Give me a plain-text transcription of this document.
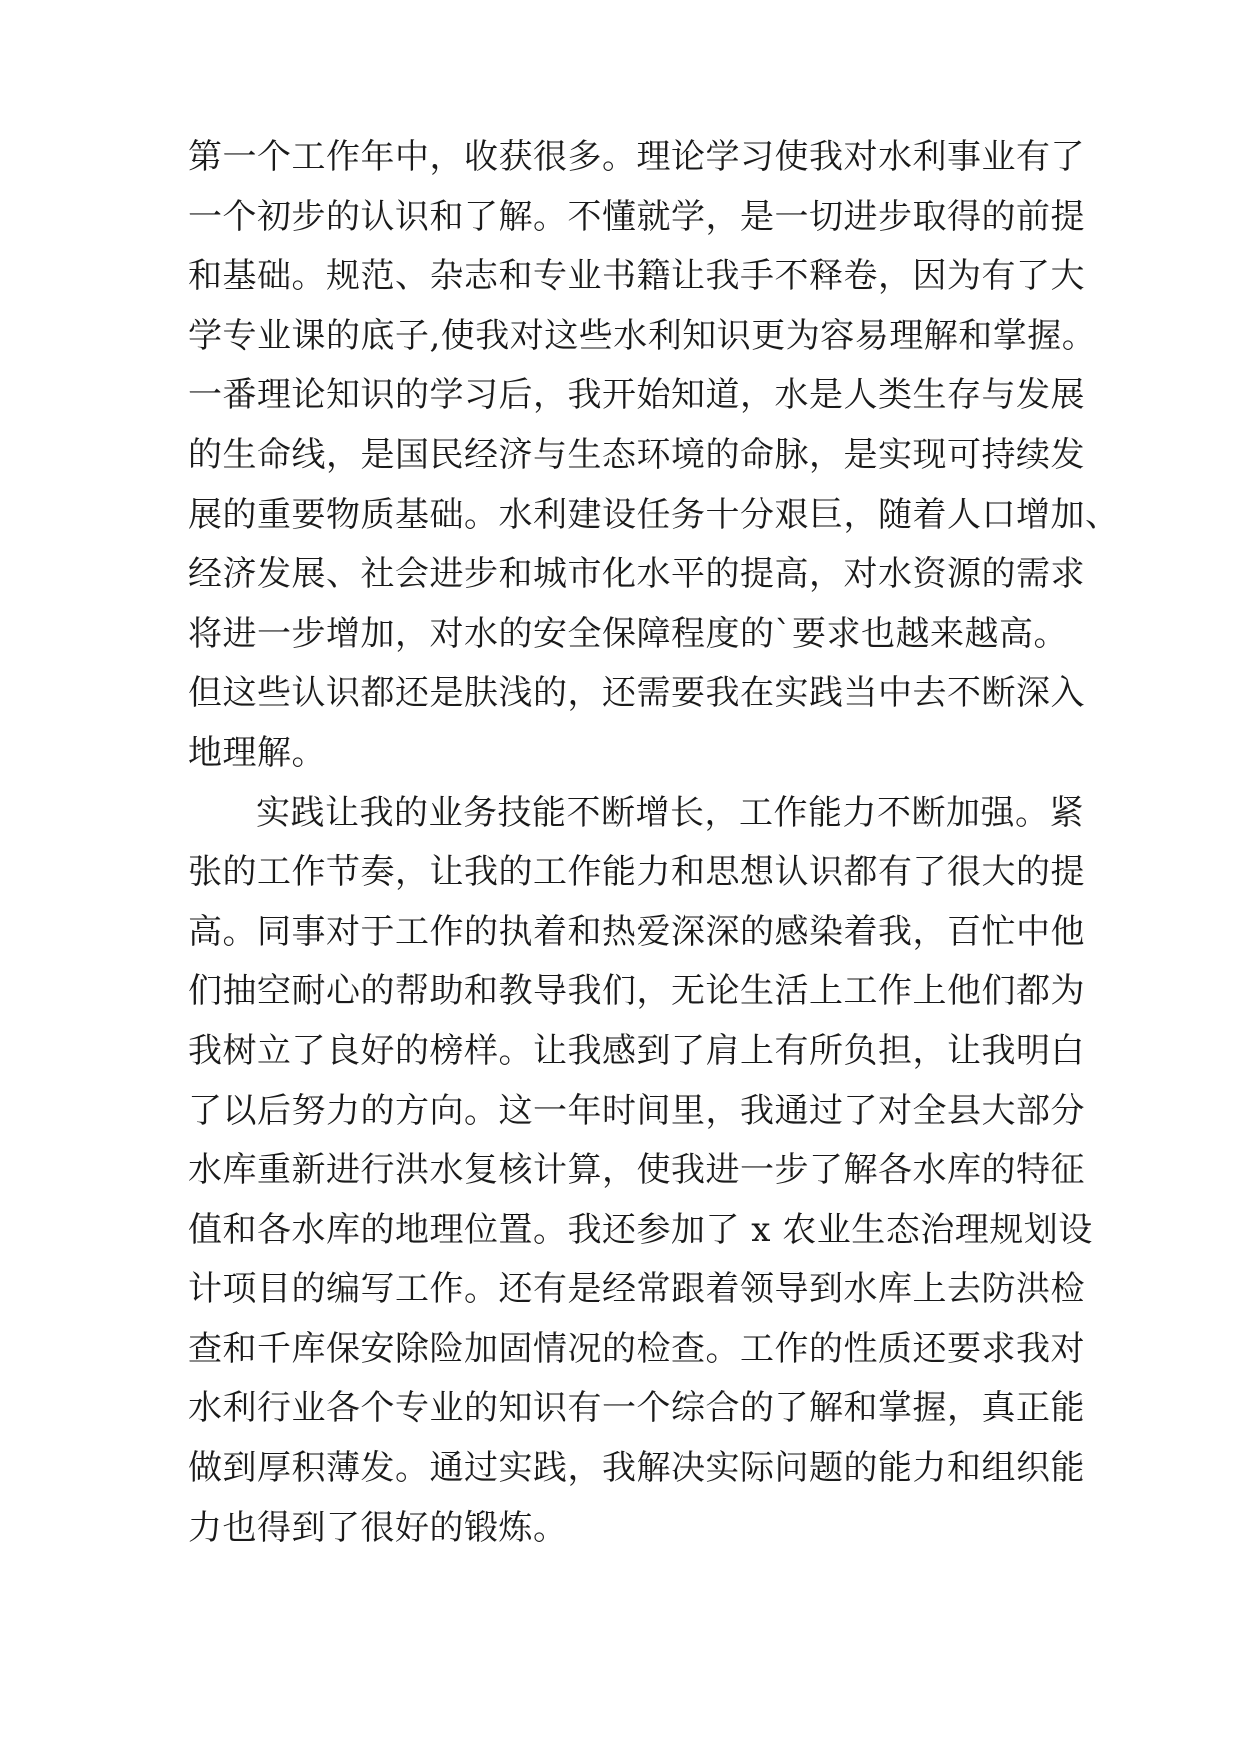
第一个工作年中，收获很多。理论学习使我对水利事业有了
一个初步的认识和了解。不懂就学，是一切进步取得的前提
和基础。规范、杂志和专业书籍让我手不释卷，因为有了大
学专业课的底子,使我对这些水利知识更为容易理解和掌握。
一番理论知识的学习后，我开始知道，水是人类生存与发展
的生命线，是国民经济与生态环境的命脉，是实现可持续发
展的重要物质基础。水利建设任务十分艰巨，随着人口增加、
经济发展、社会进步和城市化水平的提高，对水资源的需求
将进一步增加，对水的安全保障程度的`要求也越来越高。
但这些认识都还是肤浅的，还需要我在实践当中去不断深入
地理解。
实践让我的业务技能不断增长，工作能力不断加强。紧
张的工作节奏，让我的工作能力和思想认识都有了很大的提
高。同事对于工作的执着和热爱深深的感染着我，百忙中他
们抽空耐心的帮助和教导我们，无论生活上工作上他们都为
我树立了良好的榜样。让我感到了肩上有所负担，让我明白
了以后努力的方向。这一年时间里，我通过了对全县大部分
水库重新进行洪水复核计算，使我进一步了解各水库的特征
值和各水库的地理位置。我还参加了 x 农业生态治理规划设
计项目的编写工作。还有是经常跟着领导到水库上去防洪检
查和千库保安除险加固情况的检查。工作的性质还要求我对
水利行业各个专业的知识有一个综合的了解和掌握，真正能
做到厚积薄发。通过实践，我解决实际问题的能力和组织能
力也得到了很好的锻炼。
